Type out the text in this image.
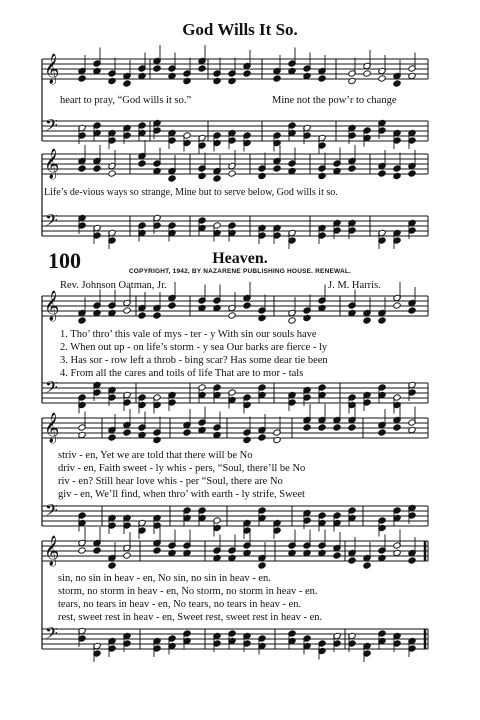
God Wills It So.
𝄞
𝄢
𝄞
𝄢
𝄞
𝄢
𝄞
𝄢
𝄞
𝄢
heart to pray, “God wills it so.”	Mine not the pow’r to change
Life’s de-vious ways so strange, Mine but to serve below, God wills it so.
100	Heaven.
COPYRIGHT, 1942, BY NAZARENE PUBLISHING HOUSE. RENEWAL.
Rev. Johnson Oatman, Jr.	J. M. Harris.
1. Tho’ thro’ this vale of mys - ter - y With sin our souls have
2. When out up - on life’s storm - y sea Our barks are fierce - ly
3. Has sor - row left a throb - bing scar? Has some dear tie been
4. From all the cares and toils of life That are to mor - tals
striv - en, Yet we are told that there will be No
driv - en, Faith sweet - ly whis - pers, “Soul, there’ll be No
riv - en? Still hear love whis - per “Soul, there are No
giv - en, We’ll find, when thro’ with earth - ly strife, Sweet
sin, no sin in heav - en, No sin, no sin in heav - en.
storm, no storm in heav - en, No storm, no storm in heav - en.
tears, no tears in heav - en, No tears, no tears in heav - en.
rest, sweet rest in heav - en, Sweet rest, sweet rest in heav - en.
